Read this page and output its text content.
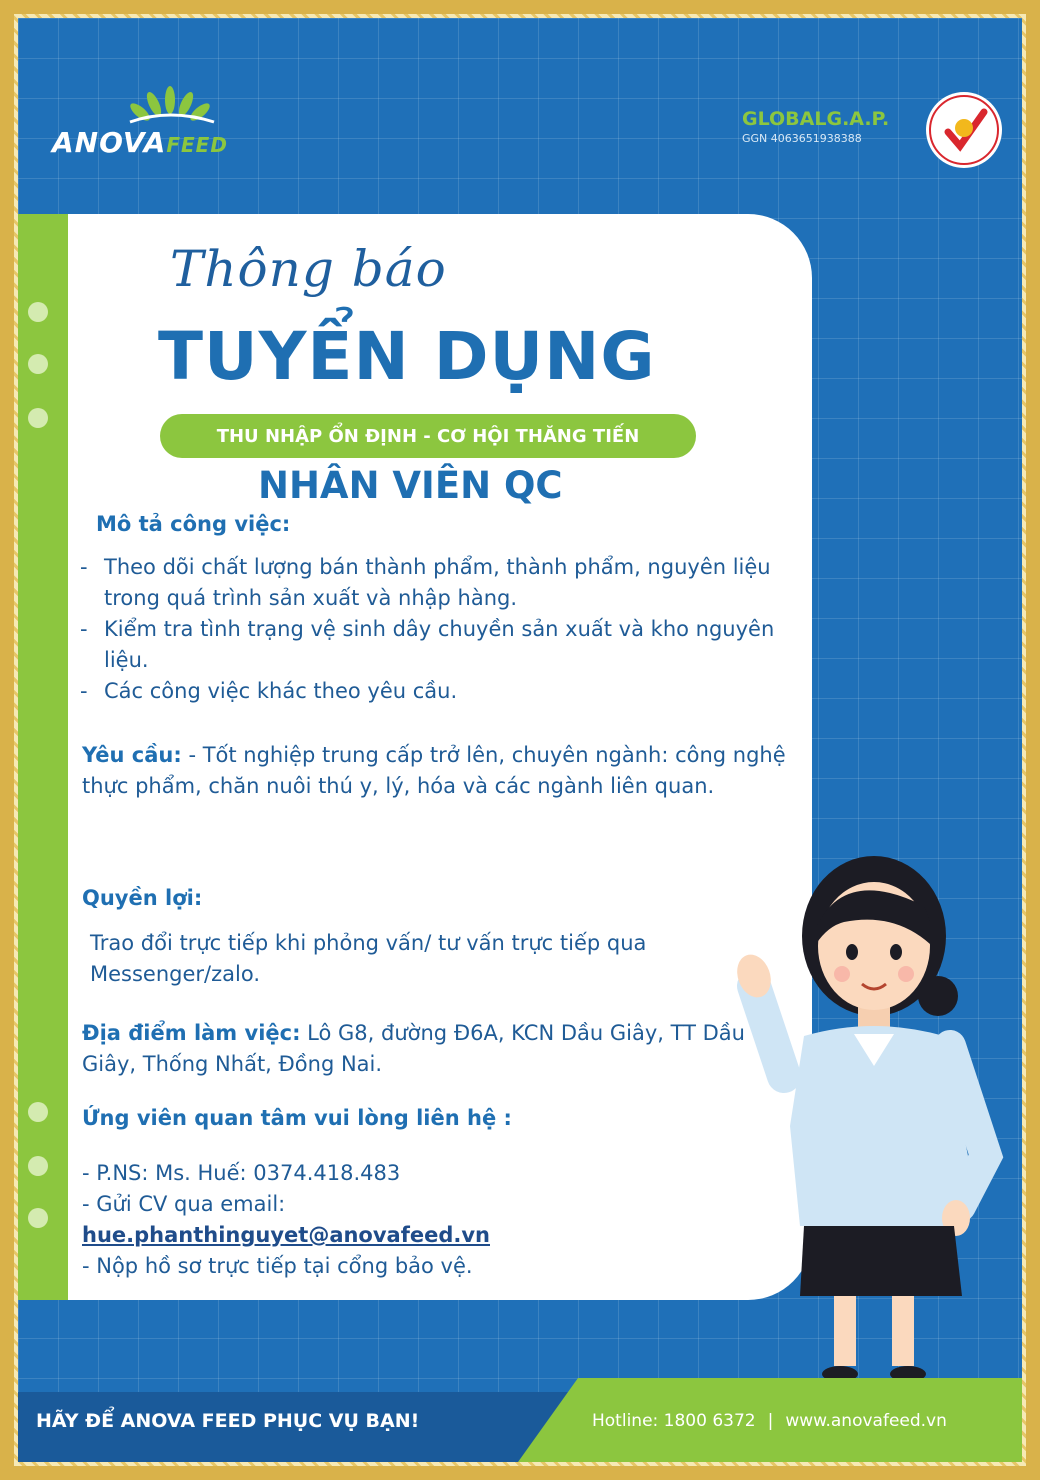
ANOVAFEED
GLOBALG.A.P.
GGN 4063651938388
Thông báo
TUYỂN DỤNG
THU NHẬP ỔN ĐỊNH - CƠ HỘI THĂNG TIẾN
NHÂN VIÊN QC
Mô tả công việc:
- Theo dõi chất lượng bán thành phẩm, thành phẩm, nguyên liệu trong quá trình sản xuất và nhập hàng.
- Kiểm tra tình trạng vệ sinh dây chuyền sản xuất và kho nguyên liệu.
- Các công việc khác theo yêu cầu.
Yêu cầu: - Tốt nghiệp trung cấp trở lên, chuyên ngành: công nghệ thực phẩm, chăn nuôi thú y, lý, hóa và các ngành liên quan.
Quyền lợi:
Trao đổi trực tiếp khi phỏng vấn/ tư vấn trực tiếp qua Messenger/zalo.
Địa điểm làm việc: Lô G8, đường Đ6A, KCN Dầu Giây, TT Dầu Giây, Thống Nhất, Đồng Nai.
Ứng viên quan tâm vui lòng liên hệ :
- P.NS: Ms. Huế: 0374.418.483
- Gửi CV qua email:
hue.phanthinguyet@anovafeed.vn
- Nộp hồ sơ trực tiếp tại cổng bảo vệ.
HÃY ĐỂ ANOVA FEED PHỤC VỤ BẠN!	Hotline: 1800 6372 | www.anovafeed.vn
